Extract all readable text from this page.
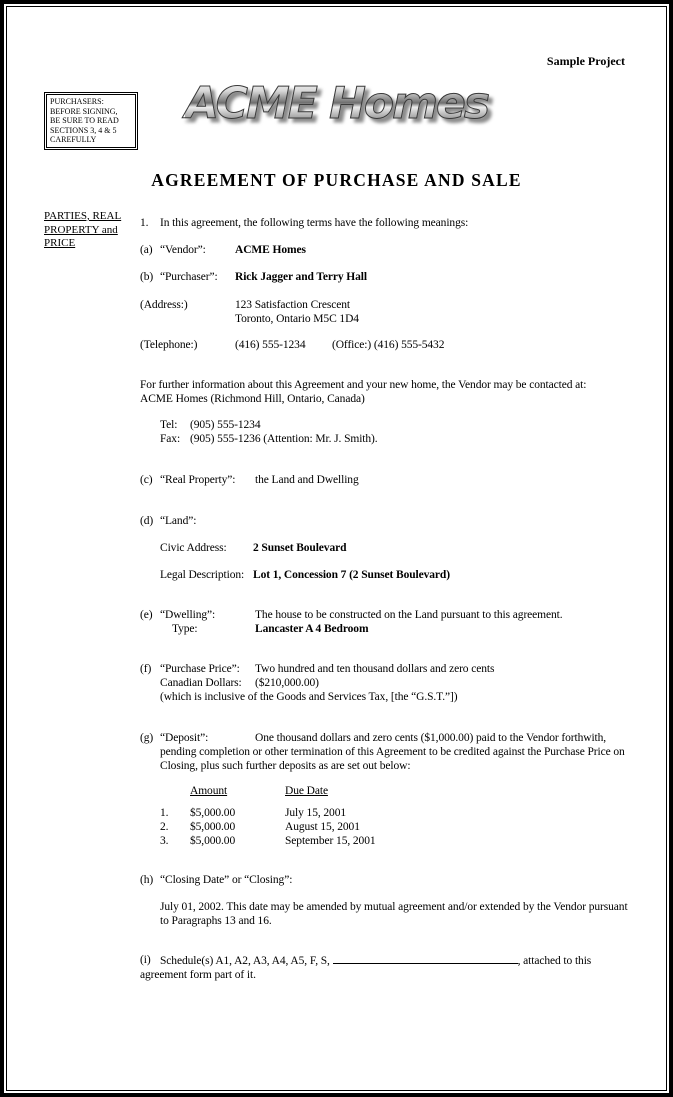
Sample Project
PURCHASERS:
BEFORE SIGNING,
BE SURE TO READ
SECTIONS 3, 4 & 5
CAREFULLY
ACME Homes
AGREEMENT OF PURCHASE AND SALE
PARTIES, REAL
PROPERTY and
PRICE
1.	In this agreement, the following terms have the following meanings:
(a) “Vendor”:	ACME Homes
(b) “Purchaser”:	Rick Jagger and Terry Hall
(Address:)	123 Satisfaction Crescent
Toronto, Ontario M5C 1D4
(Telephone:)	(416) 555-1234	(Office:) (416) 555-5432
For further information about this Agreement and your new home, the Vendor may be contacted at:
ACME Homes (Richmond Hill, Ontario, Canada)
Tel:	(905) 555-1234
Fax: (905) 555-1236 (Attention: Mr. J. Smith).
(c) “Real Property”:	the Land and Dwelling
(d) “Land”:
Civic Address:	2 Sunset Boulevard
Legal Description: Lot 1, Concession 7 (2 Sunset Boulevard)
(e) “Dwelling”:	The house to be constructed on the Land pursuant to this agreement.
Type:	Lancaster A 4 Bedroom
(f) “Purchase Price”:	Two hundred and ten thousand dollars and zero cents
Canadian Dollars:	($210,000.00)
(which is inclusive of the Goods and Services Tax, [the “G.S.T.”])
(g) “Deposit”:	One thousand dollars and zero cents ($1,000.00) paid to the Vendor forthwith, pending completion or other termination of this Agreement to be credited against the Purchase Price on Closing, plus such further deposits as are set out below:
Amount	Due Date
1.	$5,000.00	July 15, 2001
2.	$5,000.00	August 15, 2001
3.	$5,000.00	September 15, 2001
(h) “Closing Date” or “Closing”:
July 01, 2002. This date may be amended by mutual agreement and/or extended by the Vendor pursuant to Paragraphs 13 and 16.
(i) Schedule(s) A1, A2, A3, A4, A5, F, S,	, attached to this agreement form part of it.
